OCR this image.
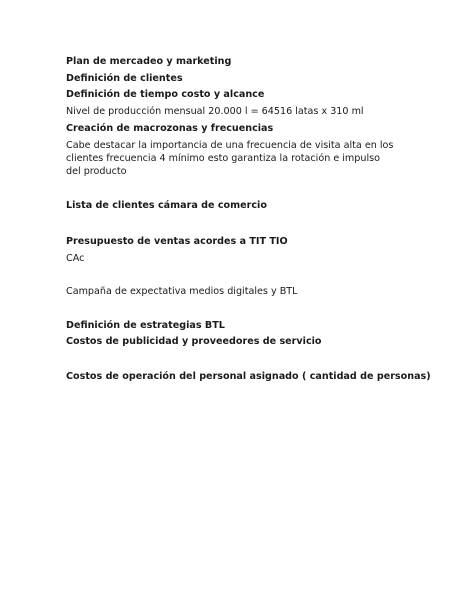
Plan de mercadeo y marketing
Definición de clientes
Definición de tiempo costo y alcance
Nivel de producción mensual 20.000 l = 64516 latas x 310 ml
Creación de macrozonas y frecuencias
Cabe destacar la importancia de una frecuencia de visita alta en los clientes frecuencia 4 mínimo esto garantiza la rotación e impulso del producto
Lista de clientes cámara de comercio
Presupuesto de ventas acordes a TIT TIO
CAc
Campaña de expectativa medios digitales y BTL
Definición de estrategias BTL
Costos de publicidad y proveedores de servicio
Costos de operación del personal asignado ( cantidad de personas)
